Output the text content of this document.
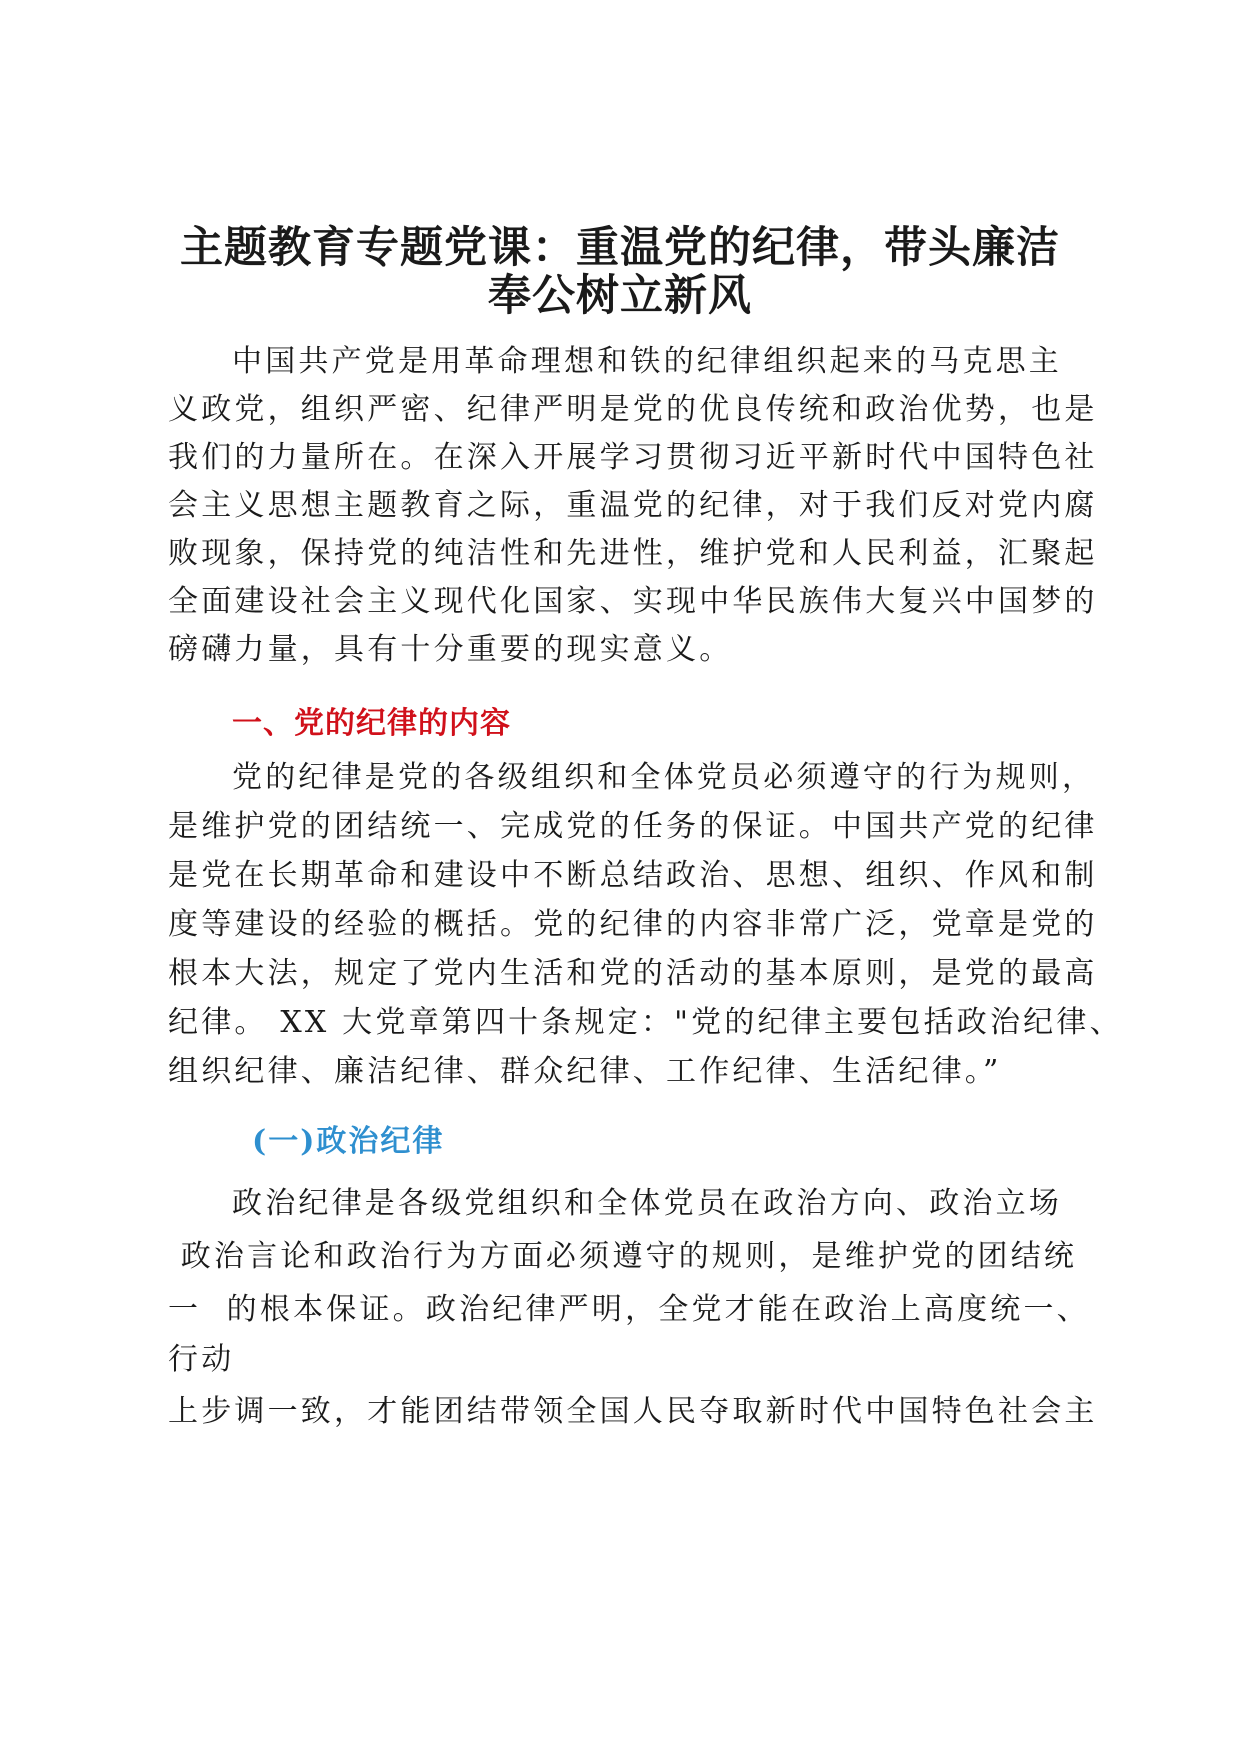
主题教育专题党课：重温党的纪律，带头廉洁
奉公树立新风

中国共产党是用革命理想和铁的纪律组织起来的马克思主

义政党，组织严密、纪律严明是党的优良传统和政治优势，也是

我们的力量所在。在深入开展学习贯彻习近平新时代中国特色社

会主义思想主题教育之际，重温党的纪律，对于我们反对党内腐

败现象，保持党的纯洁性和先进性，维护党和人民利益，汇聚起

全面建设社会主义现代化国家、实现中华民族伟大复兴中国梦的

磅礴力量，具有十分重要的现实意义。

一、党的纪律的内容

党的纪律是党的各级组织和全体党员必须遵守的行为规则，

是维护党的团结统一、完成党的任务的保证。中国共产党的纪律

是党在长期革命和建设中不断总结政治、思想、组织、作风和制

度等建设的经验的概括。党的纪律的内容非常广泛，党章是党的

根本大法，规定了党内生活和党的活动的基本原则，是党的最高

纪律。 XX 大党章第四十条规定："党的纪律主要包括政治纪律、

组织纪律、廉洁纪律、群众纪律、工作纪律、生活纪律。”

(一)政治纪律

政治纪律是各级党组织和全体党员在政治方向、政治立场

政治言论和政治行为方面必须遵守的规则，是维护党的团结统

一  的根本保证。政治纪律严明，全党才能在政治上高度统一、

行动

上步调一致，才能团结带领全国人民夺取新时代中国特色社会主
